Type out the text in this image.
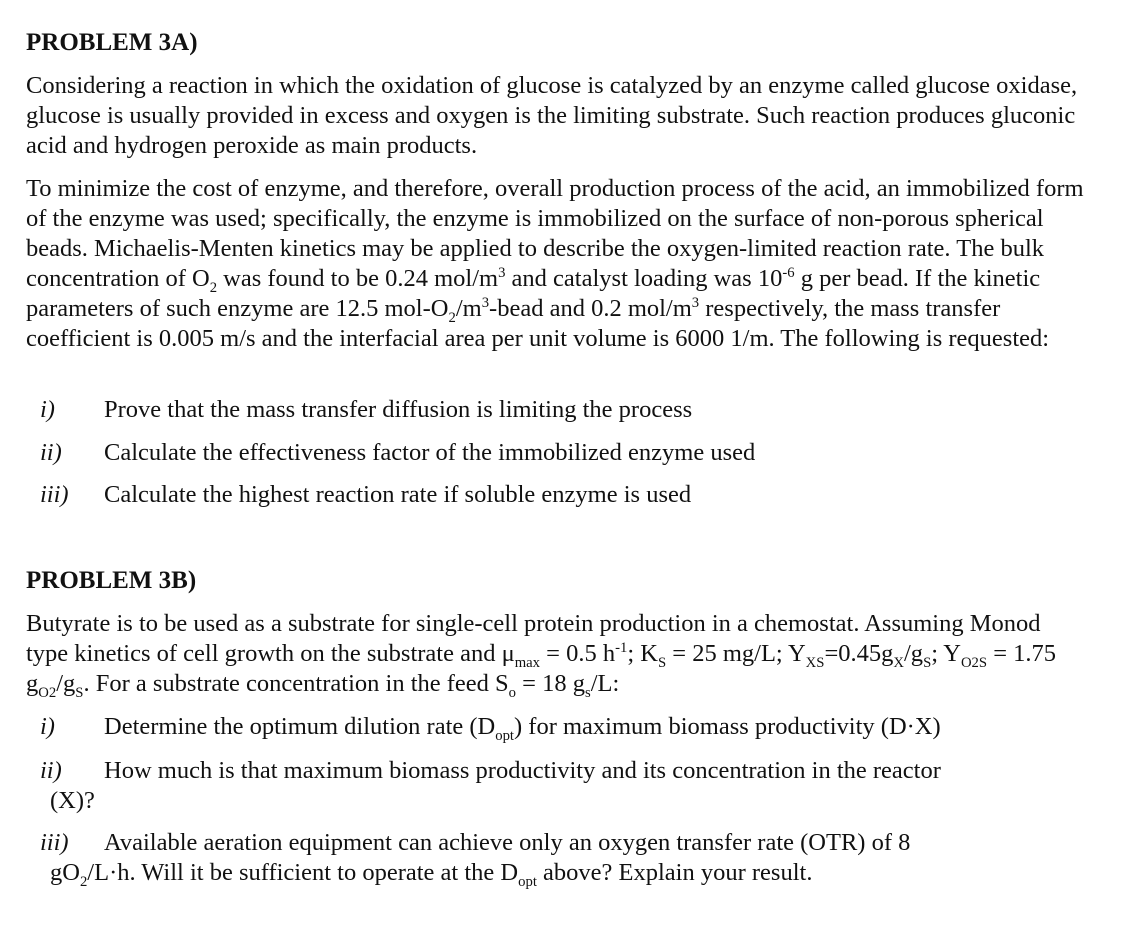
PROBLEM 3A)

Considering a reaction in which the oxidation of glucose is catalyzed by an enzyme called glucose oxidase, glucose is usually provided in excess and oxygen is the limiting substrate. Such reaction produces gluconic acid and hydrogen peroxide as main products.

To minimize the cost of enzyme, and therefore, overall production process of the acid, an immobilized form of the enzyme was used; specifically, the enzyme is immobilized on the surface of non-porous spherical beads. Michaelis-Menten kinetics may be applied to describe the oxygen-limited reaction rate. The bulk concentration of $O_2$ was found to be 0.24 mol/$m^3$ and catalyst loading was $10^{-6}$ g per bead. If the kinetic parameters of such enzyme are 12.5 mol-$O_2/m^3$-bead and 0.2 mol/$m^3$ respectively, the mass transfer coefficient is 0.005 m/s and the interfacial area per unit volume is 6000 1/m. The following is requested:

i) Prove that the mass transfer diffusion is limiting the process
ii) Calculate the effectiveness factor of the immobilized enzyme used
iii) Calculate the highest reaction rate if soluble enzyme is used
PROBLEM 3B)

Butyrate is to be used as a substrate for single-cell protein production in a chemostat. Assuming Monod type kinetics of cell growth on the substrate and $\mu_{max} = 0.5$ $h^{-1}$; $K_S = 25$ mg/L; $Y_{XS}=0.45g_X/g_S$; $Y_{O2S} = 1.75$ $g_{O2}/g_S$. For a substrate concentration in the feed $S_o = 18$ $g_s/L$:

i) Determine the optimum dilution rate $(D_{opt})$ for maximum biomass productivity (D·X)
ii) How much is that maximum biomass productivity and its concentration in the reactor
(X)?
iii) Available aeration equipment can achieve only an oxygen transfer rate (OTR) of 8
$gO_2/L\cdot h$. Will it be sufficient to operate at the $D_{opt}$ above? Explain your result.
